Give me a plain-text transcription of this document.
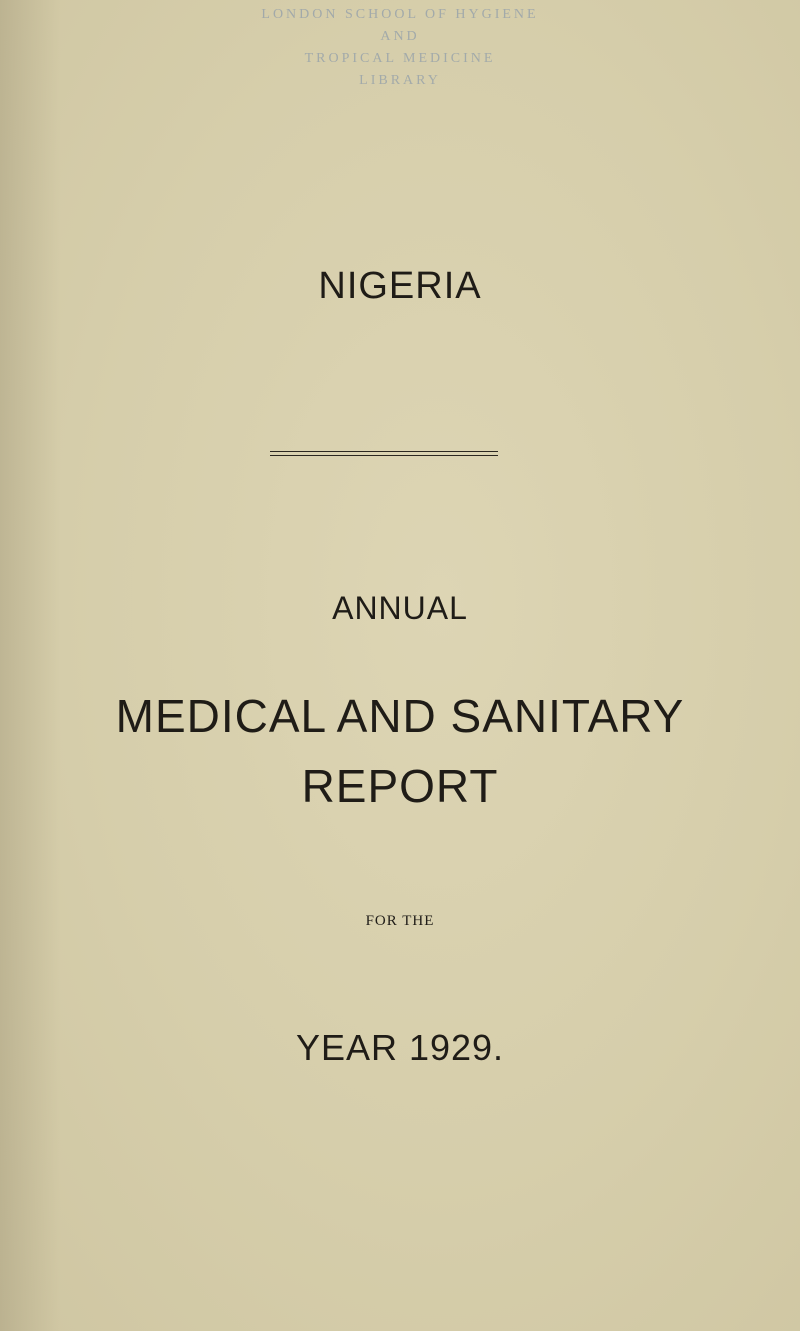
LONDON SCHOOL OF HYGIENE
AND
TROPICAL MEDICINE
LIBRARY
NIGERIA
ANNUAL
MEDICAL AND SANITARY
REPORT
FOR THE
YEAR 1929.
